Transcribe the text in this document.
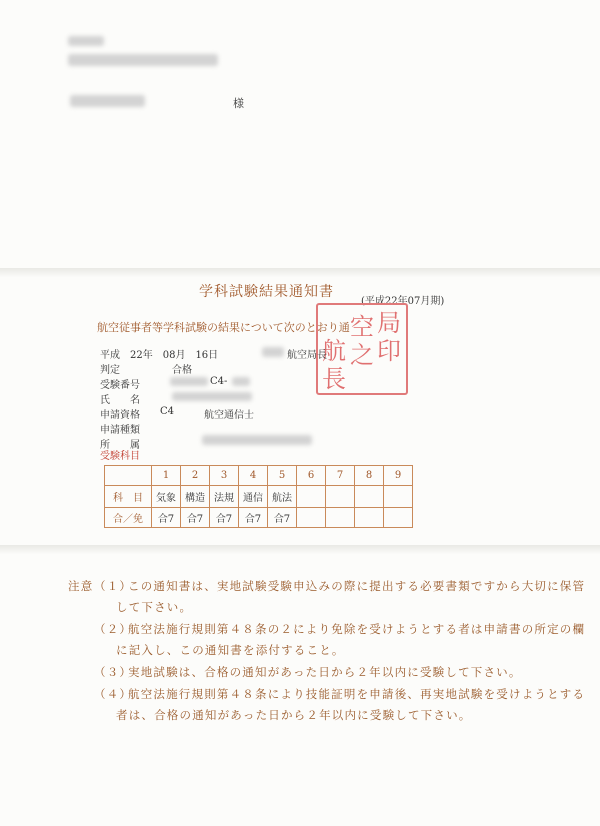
様
学科試験結果通知書
(平成22年07月期)
航空従事者等学科試験の結果について次のとおり通 局
空
航 印
之
長
平成　22年　08月　16日	航空局長
判定	合格
受験番号	C4-
氏　　名
申請資格 C4	航空通信士
申請種類
所　　属
受験科目
	1	2	3	4	5	6	7	8	9
科　目	気象	構造	法規	通信	航法				
合／免	合7	合7	合7	合7	合7				
注意 （１）
この通知書は、実地試験受験申込みの際に提出する必要書類ですから大切に保管
して下さい。
（２）
航空法施行規則第４８条の２により免除を受けようとする者は申請書の所定の欄
に記入し、この通知書を添付すること。
（３）
実地試験は、合格の通知があった日から２年以内に受験して下さい。
（４）
航空法施行規則第４８条により技能証明を申請後、再実地試験を受けようとする
者は、合格の通知があった日から２年以内に受験して下さい。
